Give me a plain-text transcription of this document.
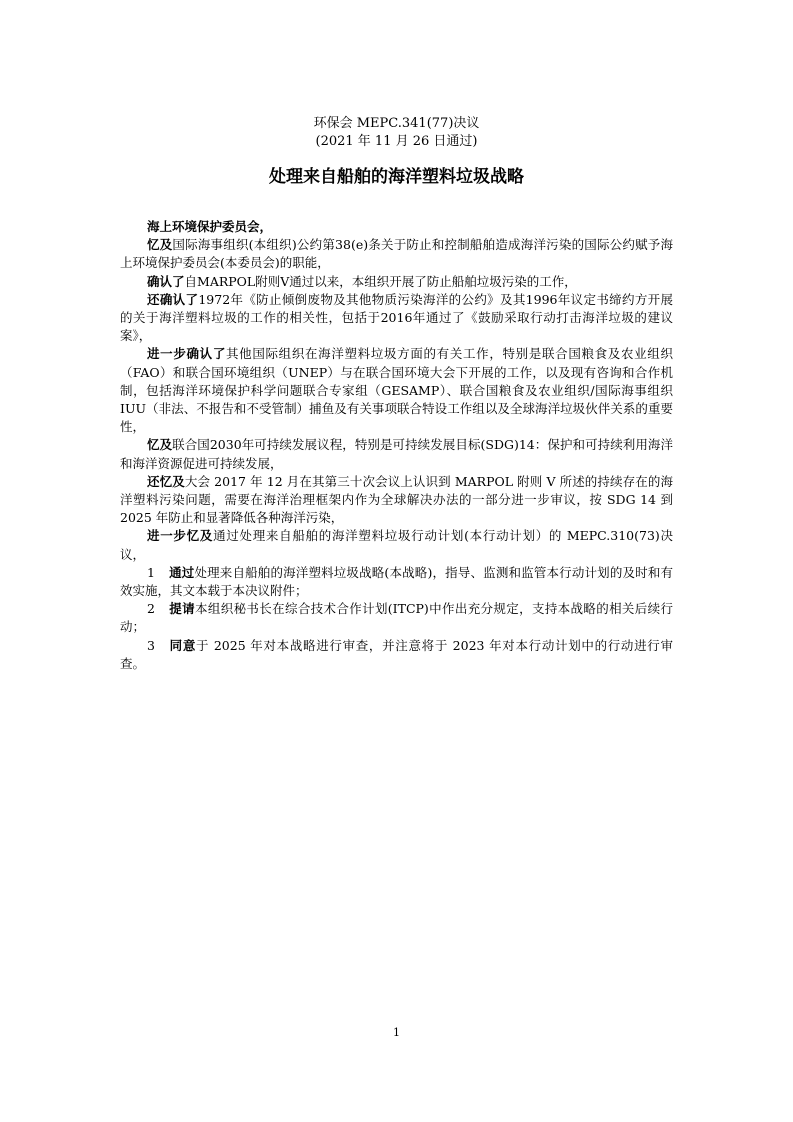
环保会 MEPC.341(77)决议
(2021 年 11 月 26 日通过)
处理来自船舶的海洋塑料垃圾战略

海上环境保护委员会，

忆及国际海事组织(本组织)公约第38(e)条关于防止和控制船舶造成海洋污染的国际公约赋予海上环境保护委员会(本委员会)的职能，

确认了自MARPOL附则V通过以来，本组织开展了防止船舶垃圾污染的工作，

还确认了1972年《防止倾倒废物及其他物质污染海洋的公约》及其1996年议定书缔约方开展的关于海洋塑料垃圾的工作的相关性，包括于2016年通过了《鼓励采取行动打击海洋垃圾的建议案》，

进一步确认了其他国际组织在海洋塑料垃圾方面的有关工作，特别是联合国粮食及农业组织（FAO）和联合国环境组织（UNEP）与在联合国环境大会下开展的工作，以及现有咨询和合作机制，包括海洋环境保护科学问题联合专家组（GESAMP）、联合国粮食及农业组织/国际海事组织IUU（非法、不报告和不受管制）捕鱼及有关事项联合特设工作组以及全球海洋垃圾伙伴关系的重要性，

忆及联合国2030年可持续发展议程，特别是可持续发展目标(SDG)14：保护和可持续利用海洋和海洋资源促进可持续发展，

还忆及大会 2017 年 12 月在其第三十次会议上认识到 MARPOL 附则 V 所述的持续存在的海洋塑料污染问题，需要在海洋治理框架内作为全球解决办法的一部分进一步审议，按 SDG 14 到 2025 年防止和显著降低各种海洋污染，

进一步忆及通过处理来自船舶的海洋塑料垃圾行动计划(本行动计划）的 MEPC.310(73)决议，

1 通过处理来自船舶的海洋塑料垃圾战略(本战略)，指导、监测和监管本行动计划的及时和有效实施，其文本载于本决议附件；

2 提请本组织秘书长在综合技术合作计划(ITCP)中作出充分规定，支持本战略的相关后续行动；

3 同意于 2025 年对本战略进行审查，并注意将于 2023 年对本行动计划中的行动进行审查。

1
